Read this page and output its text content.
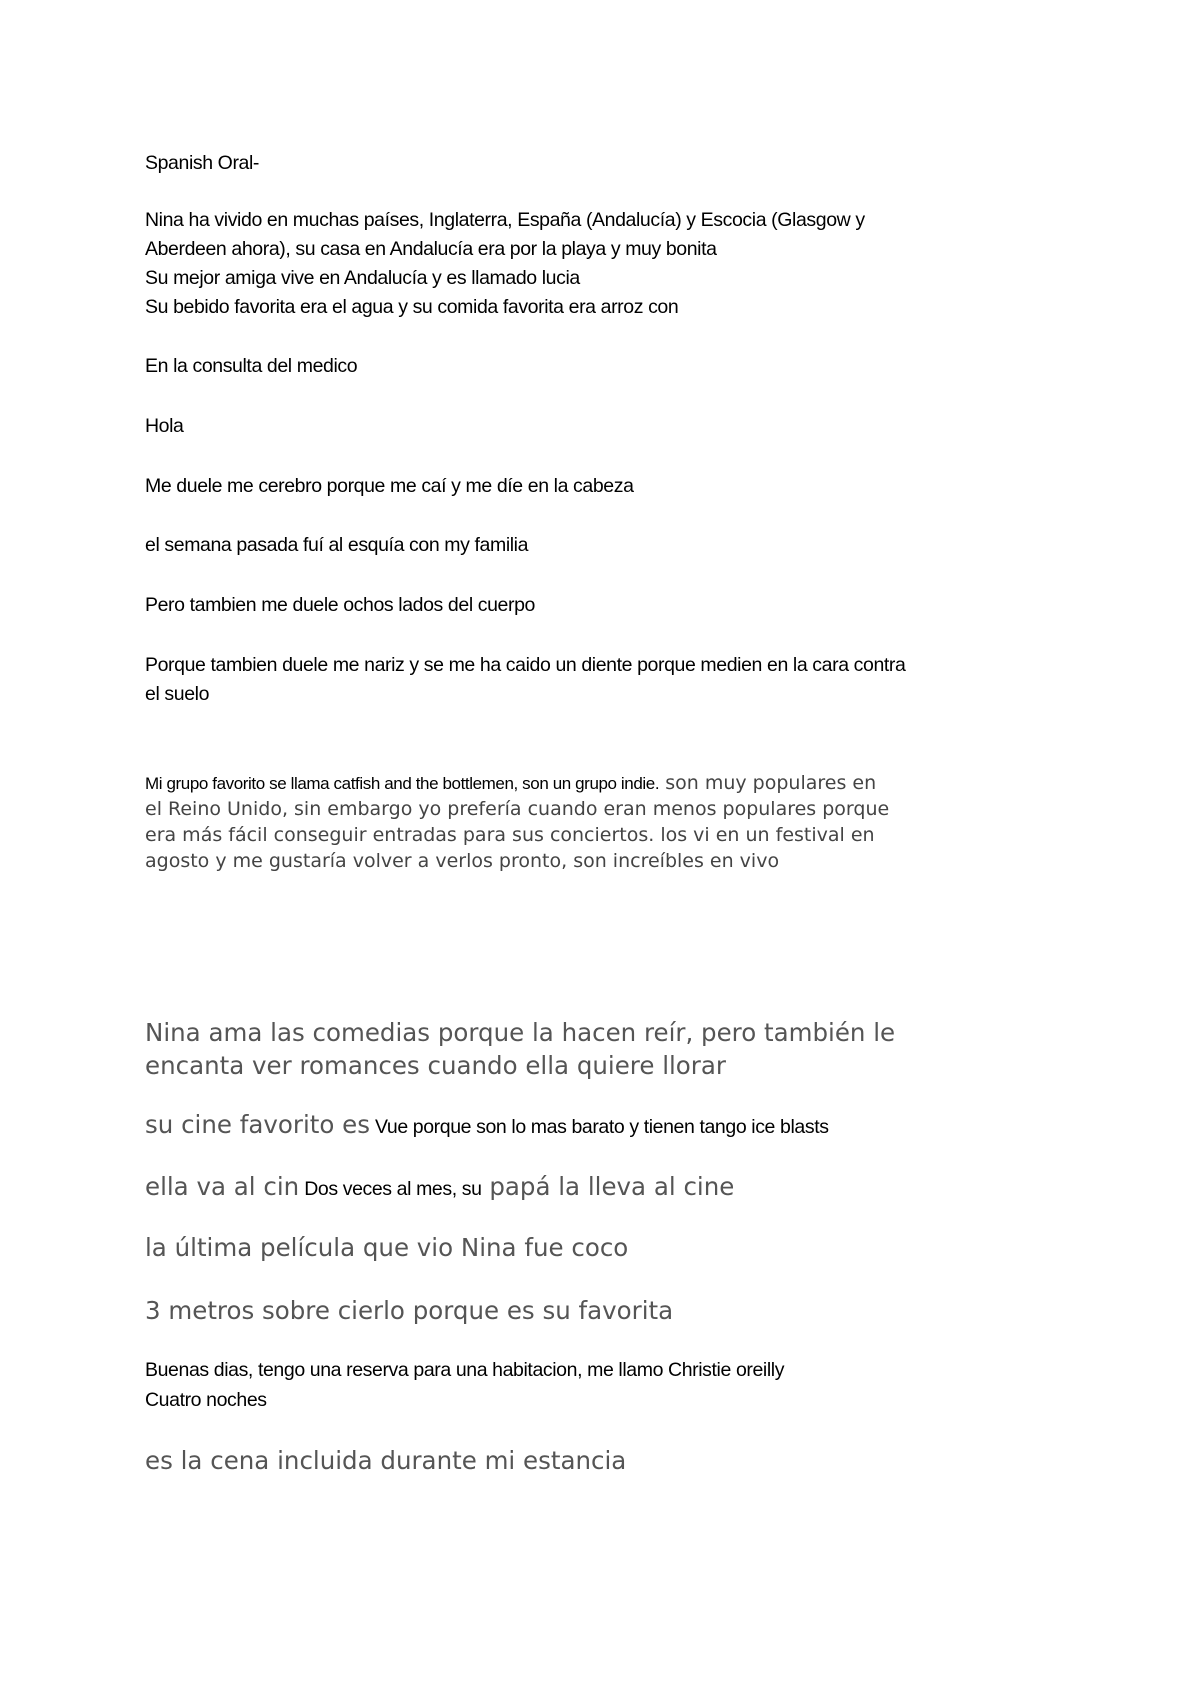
Spanish Oral-

Nina ha vivido en muchas países, Inglaterra, España (Andalucía) y Escocia (Glasgow y

Aberdeen ahora), su casa en Andalucía era por la playa y muy bonita

Su mejor amiga vive en Andalucía y es llamado lucia

Su bebido favorita era el agua y su comida favorita era arroz con

En la consulta del medico

Hola

Me duele me cerebro porque me caí y me díe en la cabeza

el semana pasada fuí al esquía con my familia

Pero tambien me duele ochos lados del cuerpo

Porque tambien duele me nariz y se me ha caido un diente porque medien en la cara contra

el suelo

Mi grupo favorito se llama catfish and the bottlemen, son un grupo indie. son muy populares en

el Reino Unido, sin embargo yo prefería cuando eran menos populares porque

era más fácil conseguir entradas para sus conciertos. los vi en un festival en

agosto y me gustaría volver a verlos pronto, son increíbles en vivo

Nina ama las comedias porque la hacen reír, pero también le

encanta ver romances cuando ella quiere llorar

su cine favorito es Vue porque son lo mas barato y tienen tango ice blasts

ella va al cin Dos veces al mes, su papá la lleva al cine

la última película que vio Nina fue coco

3 metros sobre cierlo porque es su favorita

Buenas dias, tengo una reserva para una habitacion, me llamo Christie oreilly

Cuatro noches

es la cena incluida durante mi estancia
